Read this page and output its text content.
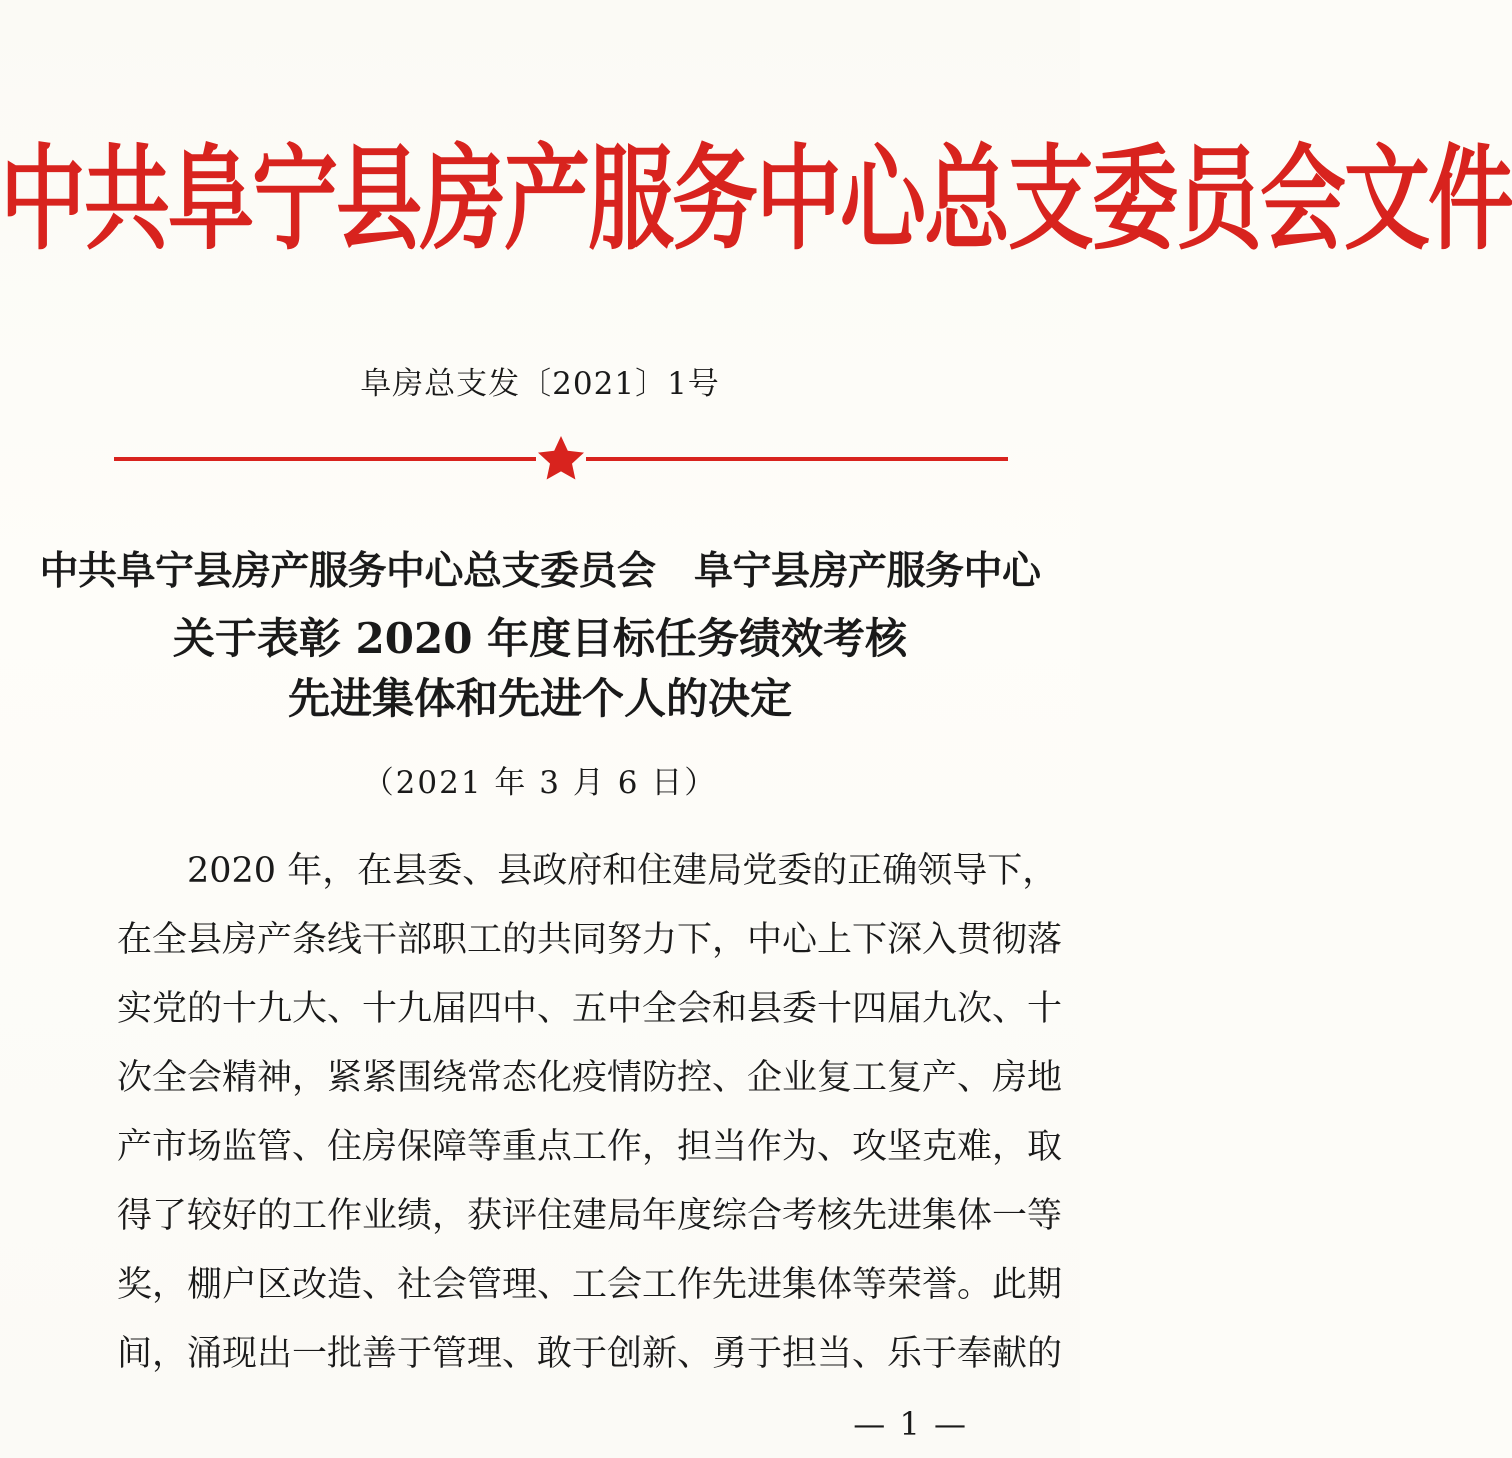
中共阜宁县房产服务中心总支委员会文件
阜房总支发〔2021〕1号
中共阜宁县房产服务中心总支委员会　阜宁县房产服务中心
关于表彰 2020 年度目标任务绩效考核
先进集体和先进个人的决定
（2021 年 3 月 6 日）
2020 年，在县委、县政府和住建局党委的正确领导下，
在全县房产条线干部职工的共同努力下，中心上下深入贯彻落
实党的十九大、十九届四中、五中全会和县委十四届九次、十
次全会精神，紧紧围绕常态化疫情防控、企业复工复产、房地
产市场监管、住房保障等重点工作，担当作为、攻坚克难，取
得了较好的工作业绩，获评住建局年度综合考核先进集体一等
奖，棚户区改造、社会管理、工会工作先进集体等荣誉。此期
间，涌现出一批善于管理、敢于创新、勇于担当、乐于奉献的
— 1 —
